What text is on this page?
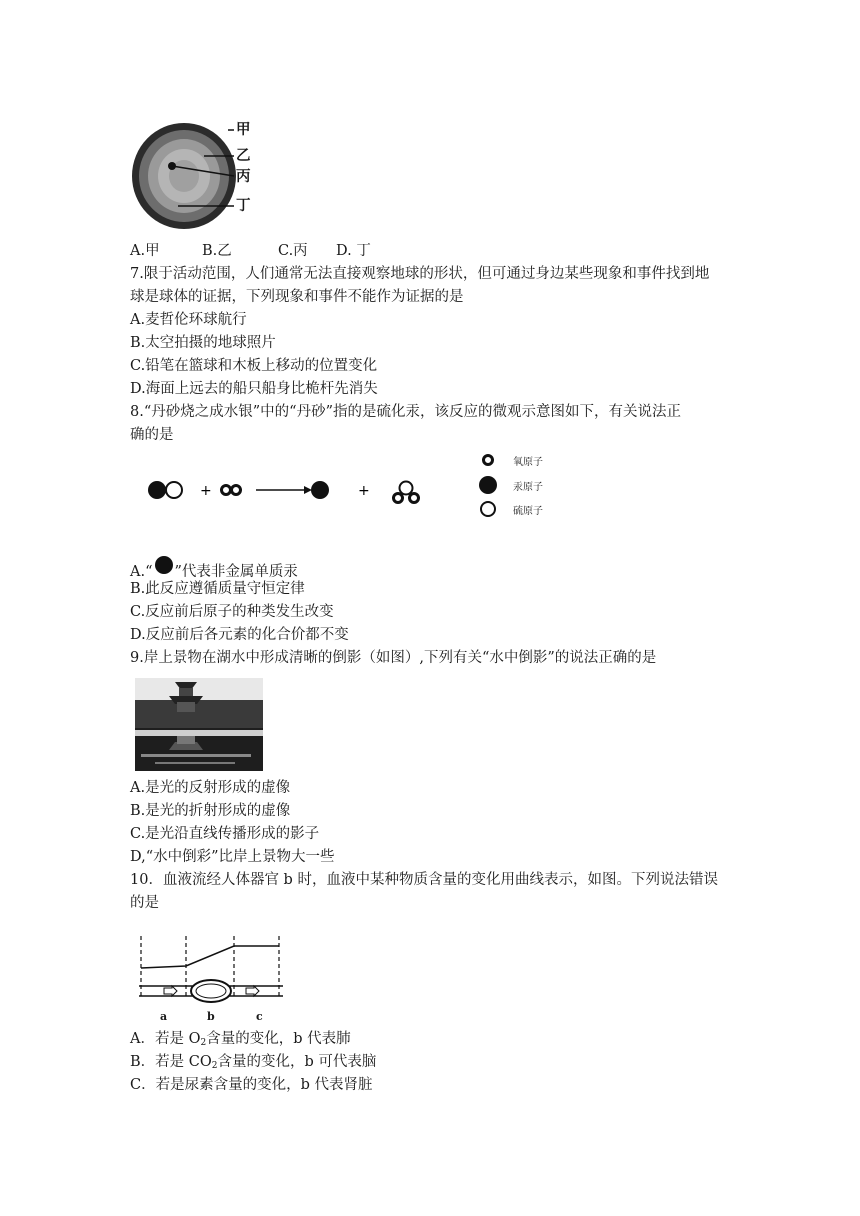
甲
乙
丙
丁
A.甲	B.乙	C.丙 D. 丁
7.限于活动范围，人们通常无法直接观察地球的形状，但可通过身边某些现象和事件找到地
球是球体的证据，下列现象和事件不能作为证据的是
A.麦哲伦环球航行
B.太空拍摄的地球照片
C.铅笔在篮球和木板上移动的位置变化
D.海面上远去的船只船身比桅杆先消失
8.“丹砂烧之成水银”中的“丹砂”指的是硫化汞，该反应的微观示意图如下，有关说法正
确的是
+	+
氧原子
汞原子
硫原子
A.“ ”代表非金属单质汞
B.此反应遵循质量守恒定律
C.反应前后原子的种类发生改变
D.反应前后各元素的化合价都不变
9.岸上景物在湖水中形成清晰的倒影（如图）,下列有关“水中倒影”的说法正确的是
A.是光的反射形成的虚像
B.是光的折射形成的虚像
C.是光沿直线传播形成的影子
D,“水中倒彩”比岸上景物大一些
10．血液流经人体器官 b 时，血液中某种物质含量的变化用曲线表示，如图。下列说法错误
的是
a	b	c
A．若是 $O_2$含量的变化，b 代表肺
B．若是 $CO_2$含量的变化，b 可代表脑
C．若是尿素含量的变化，b 代表肾脏
